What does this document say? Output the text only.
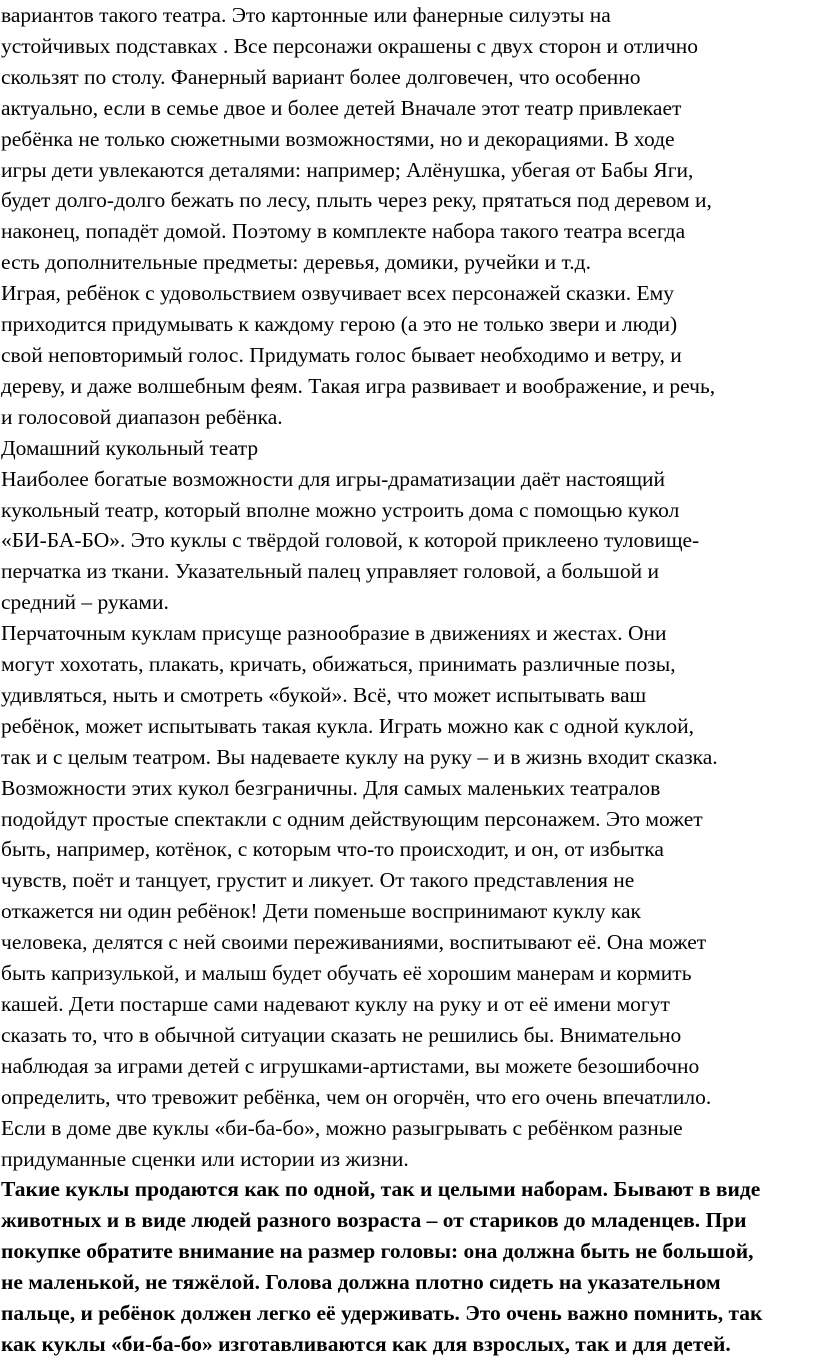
вариантов такого театра. Это картонные или фанерные силуэты на

устойчивых подставках . Все персонажи окрашены с двух сторон и отлично

скользят по столу. Фанерный вариант более долговечен, что особенно

актуально, если в семье двое и более детей Вначале этот театр привлекает

ребёнка не только сюжетными возможностями, но и декорациями. В ходе

игры дети увлекаются деталями: например; Алёнушка, убегая от Бабы Яги,

будет долго-долго бежать по лесу, плыть через реку, прятаться под деревом и,

наконец, попадёт домой. Поэтому в комплекте набора такого театра всегда

есть дополнительные предметы: деревья, домики, ручейки и т.д.

Играя, ребёнок с удовольствием озвучивает всех персонажей сказки. Ему

приходится придумывать к каждому герою (а это не только звери и люди)

свой неповторимый голос. Придумать голос бывает необходимо и ветру, и

дереву, и даже волшебным феям. Такая игра развивает и воображение, и речь,

и голосовой диапазон ребёнка.

Домашний кукольный театр

Наиболее богатые возможности для игры-драматизации даёт настоящий

кукольный театр, который вполне можно устроить дома с помощью кукол

«БИ-БА-БО». Это куклы с твёрдой головой, к которой приклеено туловище-

перчатка из ткани. Указательный палец управляет головой, а большой и

средний – руками.

Перчаточным куклам присуще разнообразие в движениях и жестах. Они

могут хохотать, плакать, кричать, обижаться, принимать различные позы,

удивляться, ныть и смотреть «букой». Всё, что может испытывать ваш

ребёнок, может испытывать такая кукла. Играть можно как с одной куклой,

так и с целым театром. Вы надеваете куклу на руку – и в жизнь входит сказка.

Возможности этих кукол безграничны. Для самых маленьких театралов

подойдут простые спектакли с одним действующим персонажем. Это может

быть, например, котёнок, с которым что-то происходит, и он, от избытка

чувств, поёт и танцует, грустит и ликует. От такого представления не

откажется ни один ребёнок! Дети поменьше воспринимают куклу как

человека, делятся с ней своими переживаниями, воспитывают её. Она может

быть капризулькой, и малыш будет обучать её хорошим манерам и кормить

кашей. Дети постарше сами надевают куклу на руку и от её имени могут

сказать то, что в обычной ситуации сказать не решились бы. Внимательно

наблюдая за играми детей с игрушками-артистами, вы можете безошибочно

определить, что тревожит ребёнка, чем он огорчён, что его очень впечатлило.

Если в доме две куклы «би-ба-бо», можно разыгрывать с ребёнком разные

придуманные сценки или истории из жизни.

Такие куклы продаются как по одной, так и целыми наборам. Бывают в виде

животных и в виде людей разного возраста – от стариков до младенцев. При

покупке обратите внимание на размер головы: она должна быть не большой,

не маленькой, не тяжёлой. Голова должна плотно сидеть на указательном

пальце, и ребёнок должен легко её удерживать. Это очень важно помнить, так

как куклы «би-ба-бо» изготавливаются как для взрослых, так и для детей.
